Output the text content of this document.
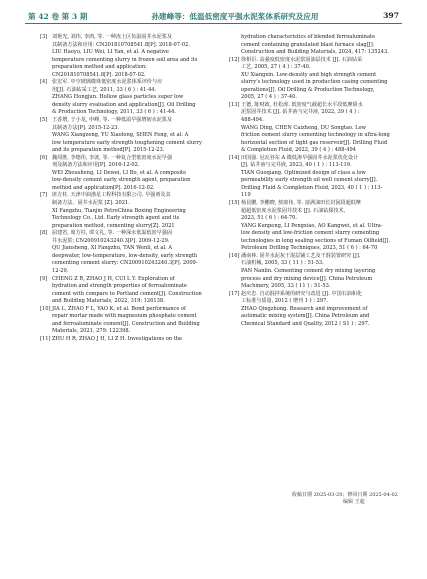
第 42 卷 第 3 期	孙建峰等：低温低密度平强水泥浆体系研究及应用	397
[3] 刘艳光, 刘伟, 李鸿, 等. 一种冻土区负温固井水泥浆及
其制备方法和应用: CN201810708541.8[P]. 2018-07-02.
LIU Haoyu, LIU Wei, LI Yan, et al. A negative
temperature cementing slurry in frozen soil area and its
preparation method and application:
CN201810708541.8[P]. 2018-07-02.
[4] 张宏军. 中空玻璃微珠低密度水泥浆体系评价与应
用[J]. 石油钻采工艺, 2011, 33 ( 6 ) : 41-44.
ZHANG Hongjun. Hollow glass particles super low
density slurry evaluation and application[J]. Oil Drilling
& Production Technology, 2011, 33 ( 6 ) : 41-44.
[5] 王香增, 于小龙, 申峰, 等. 一种低温早强增韧水泥浆及
其制备方法[P]. 2015-12-23.
WANG Xiangzeng, YU Xiaolong, SHEN Feng, et al. A
low temperature early strength toughening cement slurry
and its preparation method[P]. 2015-12-23.
[6] 魏周胜, 李德伟, 李波, 等. 一种复合型低密度水泥早强
剂及制备方法和应用[P]. 2016-12-02.
WEI Zhousheng, LI Dewei, LI Bo, et al. A composite
low-density cement early strength agent, preparation
method and application[P]. 2016-12-02.
[7] 席方柱. 天津中油渤星工程科技有限公司. 早强剂及其
制备方法、固井水泥浆 [Z]. 2021.
XI Fangzhu, Tianjin PetroChina Boxing Engineering
Technology Co., Ltd. Early strength agent and its
preparation method, cementing slurry[Z]. 2021
[8] 屈建省, 席方柱, 谭文礼, 等. 一种深水低温低密早强固
井水泥浆: CN200910243240.3[P]. 2009-12-29.
QU Jiansheng, XI Fangzhu, TAN Wenli, et al. A
deepwater, low-temperature, low-density, early strength
cementing cement slurry: CN200910243240.3[P]. 2009-
12-29.
[9] CHENG Z R, ZHAO J H, CUI L Y. Exploration of
hydration and strength properties of ferroaluminate
cement with compare to Portland cement[J]. Construction
and Building Materials, 2022, 319: 126138.
[10] JIA L, ZHAO F L, YAO K, et al. Bond performance of
repair mortar made with magnesium phosphate cement
and ferroaluminate cement[J]. Construction and Building
Materials, 2021, 279: 122398.
[11] ZHU H R, ZHAO J H, LI Z H. Investigations on the
hydration characteristics of blended ferroaluminate
cement containing granulated blast furnace slag[J].
Construction and Building Materials, 2024, 417: 135243.
[12] 徐相臣. 高强度低密度水泥浆固油层技术 [J]. 石油钻采
工艺, 2005, 27 ( 4 ) : 37-40.
XU Xiangxin. Low-density and high strength cement
slurry's technology used in production casing cementing
operations[J]. Oil Drilling & Production Technology,
2005, 27 ( 4 ) : 37-40.
[13] 王德, 陈财政, 杜松涛. 低密度气截超长水平段低摩阻水
泥浆固井技术 [J]. 钻井液与完井液, 2022, 39 ( 4 ) :
488-494.
WANG Ding, CHEN Caizheng, DU Songtao. Low
friction cement slurry cementing technology in ultra-long
horizontal section of tight gas reservoir[J]. Drilling Fluid
& Completion Fluid, 2022, 39 ( 4 ) : 488-494
[14] 田国强. 冠瓦谷东 A 微低渗早强固井水泥浆优化设计
[J]. 钻井液与完井液, 2023, 40 ( 1 ) : 113-119.
TIAN Guoqiang. Optimized design of class a low
permeability early strength oil well cement slurry[J].
Drilling Fluid & Completion Fluid, 2023, 40 ( 1 ) : 113-
119
[15] 杨昆鹏, 李鹏晓, 敖康伟, 等. 富满油田长封固段超低摩
超超低密度水泥浆固井技术 [J]. 石油钻探技术,
2023, 51 ( 6 ) : 64-70.
YANG Kunpeng, LI Pengxiao, AO Kangwei, et al. Ultra-
low density and low-friction cement slurry cementing
technologies in long sealing sections of Fuman Oilfield[J].
Petroleum Drilling Techniques, 2023, 51 ( 6 ) : 64-70
[16] 潘南林. 固井水泥灰干混层铺工艺及干混装置研究 [J].
石油机械, 2005, 33 ( 11 ) : 51-53.
PAN Nanlin. Cementing cement dry mixing layering
process and dry mixing device[J]. China Petroleum
Machinery, 2005, 33 ( 11 ) : 51-53.
[17] 赵庆忠. 自动混拌系统的研究与改进 [J]. 中国石油和化
工标准与质量, 2012 ( 增刊 1 ) : 297.
ZHAO Qingzhong. Research and improvement of
automatic mixing system[J]. China Petroleum and
Chemical Standard and Quality, 2012 ( S1 ) : 297.
收稿日期 2025-03-20；修回日期 2025-04-02
编辑 王超
